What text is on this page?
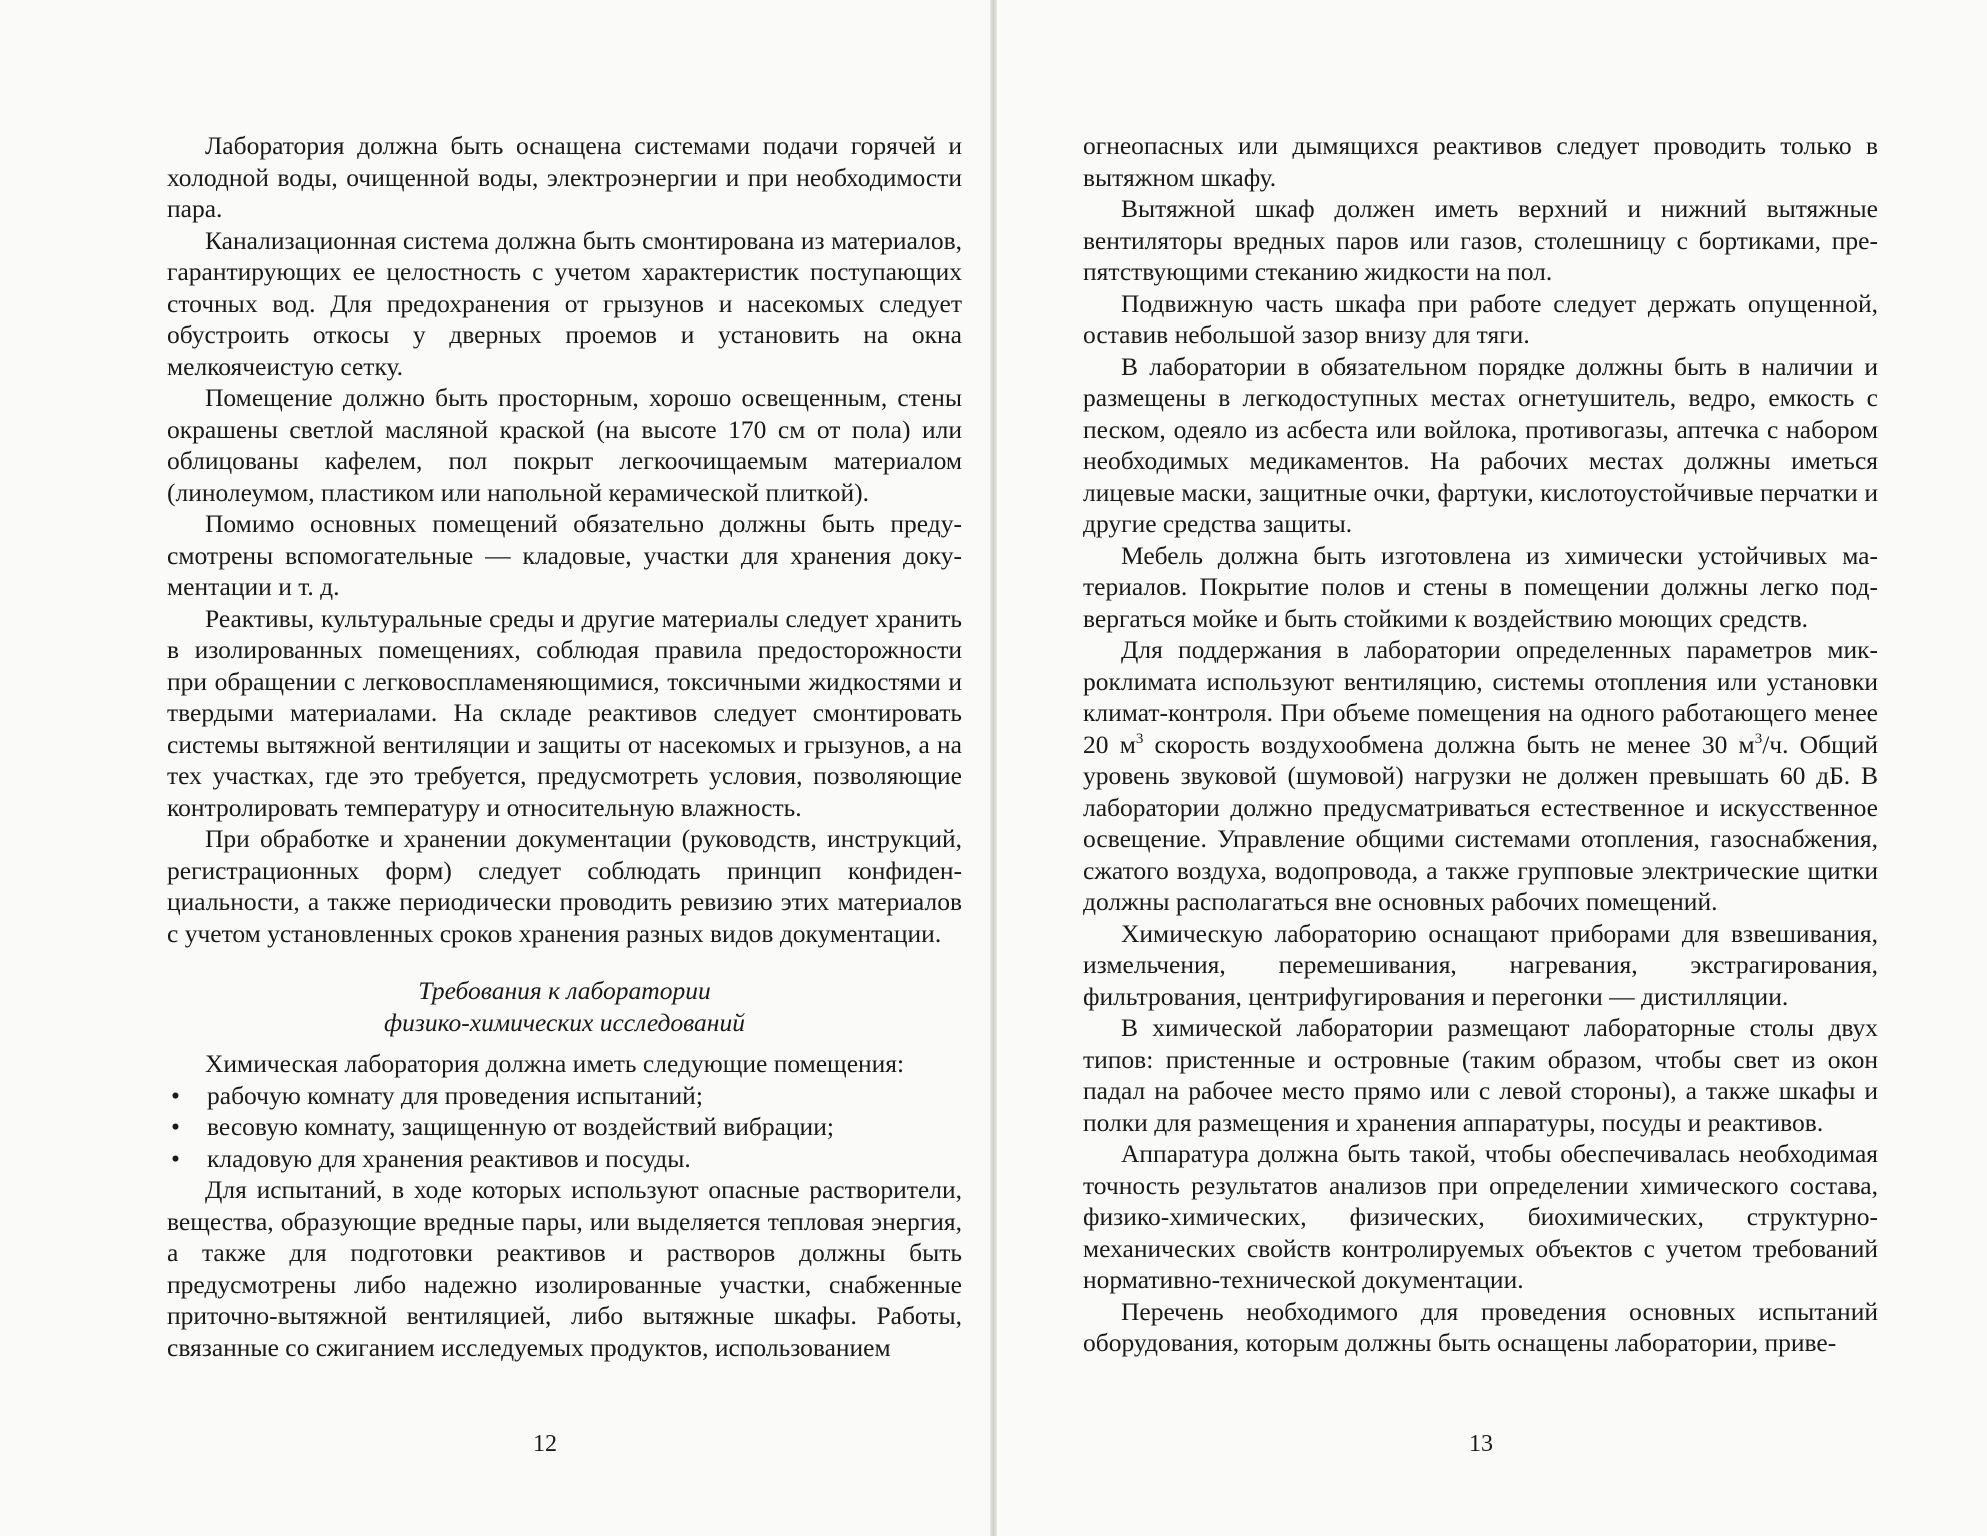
Лаборатория должна быть оснащена системами подачи горячей и холодной воды, очищенной воды, электроэнергии и при необходимости пара.

Канализационная система должна быть смонтирована из материалов, гарантирующих ее целостность с учетом характеристик поступающих сточных вод. Для предохранения от грызунов и насекомых следует обустроить откосы у дверных проемов и установить на окна мелкоячеистую сетку.

Помещение должно быть просторным, хорошо освещенным, стены окрашены светлой масляной краской (на высоте 170 см от пола) или облицованы кафелем, пол покрыт легкоочищаемым материалом (линолеумом, пластиком или напольной керамической плиткой).

Помимо основных помещений обязательно должны быть предусмотрены вспомогательные — кладовые, участки для хранения документации и т. д.

Реактивы, культуральные среды и другие материалы следует хранить в изолированных помещениях, соблюдая правила предосторожности при обращении с легковоспламеняющимися, токсичными жидкостями и твердыми материалами. На складе реактивов следует смонтировать системы вытяжной вентиляции и защиты от насекомых и грызунов, а на тех участках, где это требуется, предусмотреть условия, позволяющие контролировать температуру и относительную влажность.

При обработке и хранении документации (руководств, инструкций, регистрационных форм) следует соблюдать принцип конфиденциальности, а также периодически проводить ревизию этих материалов с учетом установленных сроков хранения разных видов документации.

Требования к лаборатории
физико-химических исследований

Химическая лаборатория должна иметь следующие помещения:

• рабочую комнату для проведения испытаний;
• весовую комнату, защищенную от воздействий вибрации;
• кладовую для хранения реактивов и посуды.

Для испытаний, в ходе которых используют опасные растворители, вещества, образующие вредные пары, или выделяется тепловая энергия, а также для подготовки реактивов и растворов должны быть предусмотрены либо надежно изолированные участки, снабженные приточно-вытяжной вентиляцией, либо вытяжные шкафы. Работы, связанные со сжиганием исследуемых продуктов, использованием

12

огнеопасных или дымящихся реактивов следует проводить только в вытяжном шкафу.

Вытяжной шкаф должен иметь верхний и нижний вытяжные вентиляторы вредных паров или газов, столешницу с бортиками, препятствующими стеканию жидкости на пол.

Подвижную часть шкафа при работе следует держать опущенной, оставив небольшой зазор внизу для тяги.

В лаборатории в обязательном порядке должны быть в наличии и размещены в легкодоступных местах огнетушитель, ведро, емкость с песком, одеяло из асбеста или войлока, противогазы, аптечка с набором необходимых медикаментов. На рабочих местах должны иметься лицевые маски, защитные очки, фартуки, кислотоустойчивые перчатки и другие средства защиты.

Мебель должна быть изготовлена из химически устойчивых материалов. Покрытие полов и стены в помещении должны легко подвергаться мойке и быть стойкими к воздействию моющих средств.

Для поддержания в лаборатории определенных параметров микроклимата используют вентиляцию, системы отопления или установки климат-контроля. При объеме помещения на одного работающего менее 20 $м^3$ скорость воздухообмена должна быть не менее 30 $м^3/ч$. Общий уровень звуковой (шумовой) нагрузки не должен превышать 60 дБ. В лаборатории должно предусматриваться естественное и искусственное освещение. Управление общими системами отопления, газоснабжения, сжатого воздуха, водопровода, а также групповые электрические щитки должны располагаться вне основных рабочих помещений.

Химическую лабораторию оснащают приборами для взвешивания, измельчения, перемешивания, нагревания, экстрагирования, фильтрования, центрифугирования и перегонки — дистилляции.

В химической лаборатории размещают лабораторные столы двух типов: пристенные и островные (таким образом, чтобы свет из окон падал на рабочее место прямо или с левой стороны), а также шкафы и полки для размещения и хранения аппаратуры, посуды и реактивов.

Аппаратура должна быть такой, чтобы обеспечивалась необходимая точность результатов анализов при определении химического состава, физико-химических, физических, биохимических, структурно-механических свойств контролируемых объектов с учетом требований нормативно-технической документации.

Перечень необходимого для проведения основных испытаний оборудования, которым должны быть оснащены лаборатории, приве-

13
